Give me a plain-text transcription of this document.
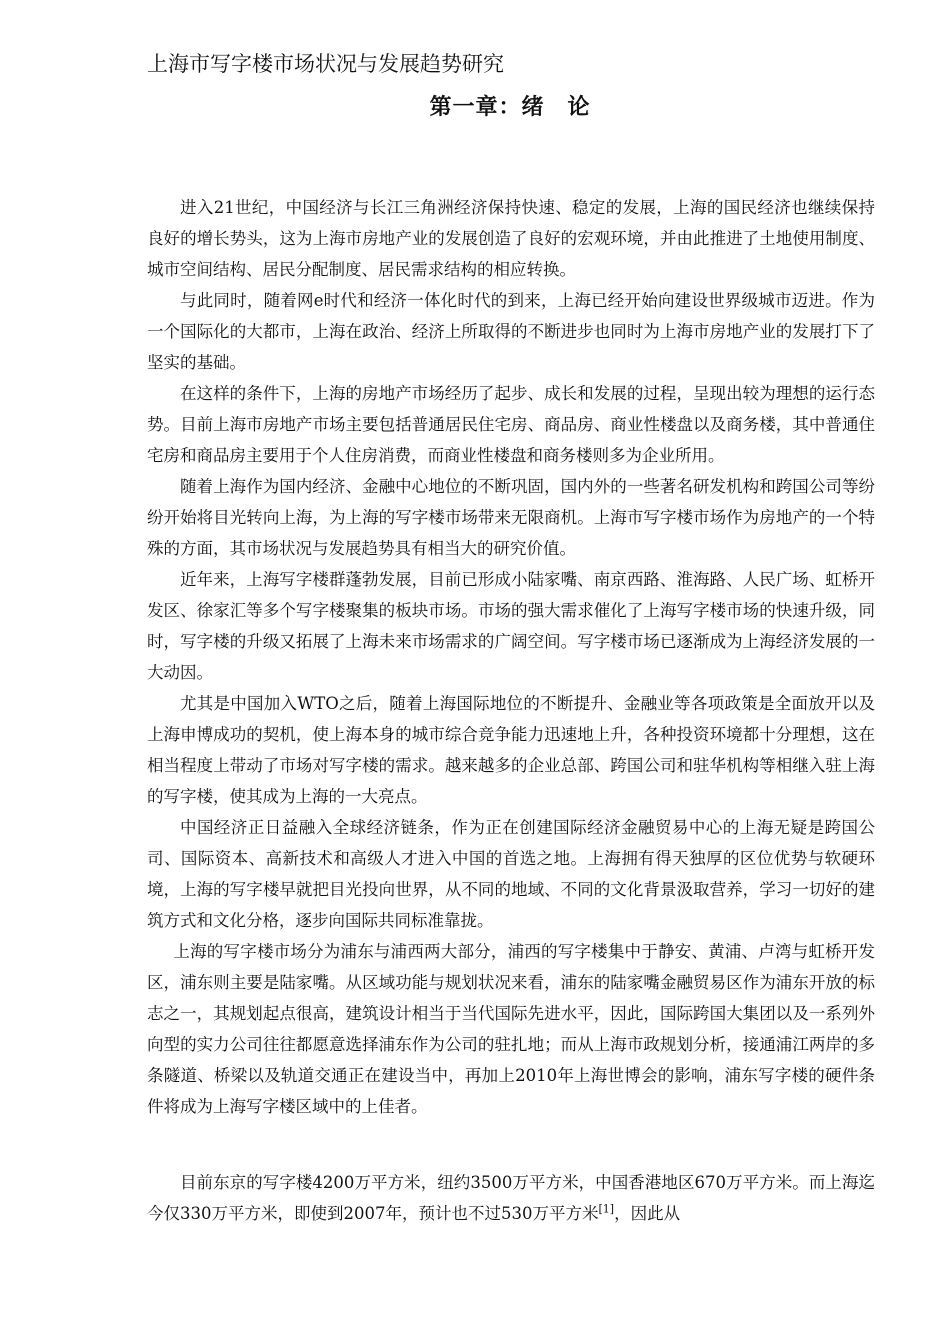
上海市写字楼市场状况与发展趋势研究
第一章：绪　论

进入21世纪，中国经济与长江三角洲经济保持快速、稳定的发展，上海的国民经济也继续保持良好的增长势头，这为上海市房地产业的发展创造了良好的宏观环境，并由此推进了土地使用制度、城市空间结构、居民分配制度、居民需求结构的相应转换。

与此同时，随着网e时代和经济一体化时代的到来，上海已经开始向建设世界级城市迈进。作为一个国际化的大都市，上海在政治、经济上所取得的不断进步也同时为上海市房地产业的发展打下了坚实的基础。

在这样的条件下，上海的房地产市场经历了起步、成长和发展的过程，呈现出较为理想的运行态势。目前上海市房地产市场主要包括普通居民住宅房、商品房、商业性楼盘以及商务楼，其中普通住宅房和商品房主要用于个人住房消费，而商业性楼盘和商务楼则多为企业所用。

随着上海作为国内经济、金融中心地位的不断巩固，国内外的一些著名研发机构和跨国公司等纷纷开始将目光转向上海，为上海的写字楼市场带来无限商机。上海市写字楼市场作为房地产的一个特殊的方面，其市场状况与发展趋势具有相当大的研究价值。

近年来，上海写字楼群蓬勃发展，目前已形成小陆家嘴、南京西路、淮海路、人民广场、虹桥开发区、徐家汇等多个写字楼聚集的板块市场。市场的强大需求催化了上海写字楼市场的快速升级，同时，写字楼的升级又拓展了上海未来市场需求的广阔空间。写字楼市场已逐渐成为上海经济发展的一大动因。

尤其是中国加入WTO之后，随着上海国际地位的不断提升、金融业等各项政策是全面放开以及上海申博成功的契机，使上海本身的城市综合竞争能力迅速地上升，各种投资环境都十分理想，这在相当程度上带动了市场对写字楼的需求。越来越多的企业总部、跨国公司和驻华机构等相继入驻上海的写字楼，使其成为上海的一大亮点。

中国经济正日益融入全球经济链条，作为正在创建国际经济金融贸易中心的上海无疑是跨国公司、国际资本、高新技术和高级人才进入中国的首选之地。上海拥有得天独厚的区位优势与软硬环境，上海的写字楼早就把目光投向世界，从不同的地域、不同的文化背景汲取营养，学习一切好的建筑方式和文化分格，逐步向国际共同标准靠拢。

上海的写字楼市场分为浦东与浦西两大部分，浦西的写字楼集中于静安、黄浦、卢湾与虹桥开发区，浦东则主要是陆家嘴。从区域功能与规划状况来看，浦东的陆家嘴金融贸易区作为浦东开放的标志之一，其规划起点很高，建筑设计相当于当代国际先进水平，因此，国际跨国大集团以及一系列外向型的实力公司往往都愿意选择浦东作为公司的驻扎地；而从上海市政规划分析，接通浦江两岸的多条隧道、桥梁以及轨道交通正在建设当中，再加上2010年上海世博会的影响，浦东写字楼的硬件条件将成为上海写字楼区域中的上佳者。

目前东京的写字楼4200万平方米，纽约3500万平方米，中国香港地区670万平方米。而上海迄今仅330万平方米，即使到2007年，预计也不过530万平方米[1]，因此从
